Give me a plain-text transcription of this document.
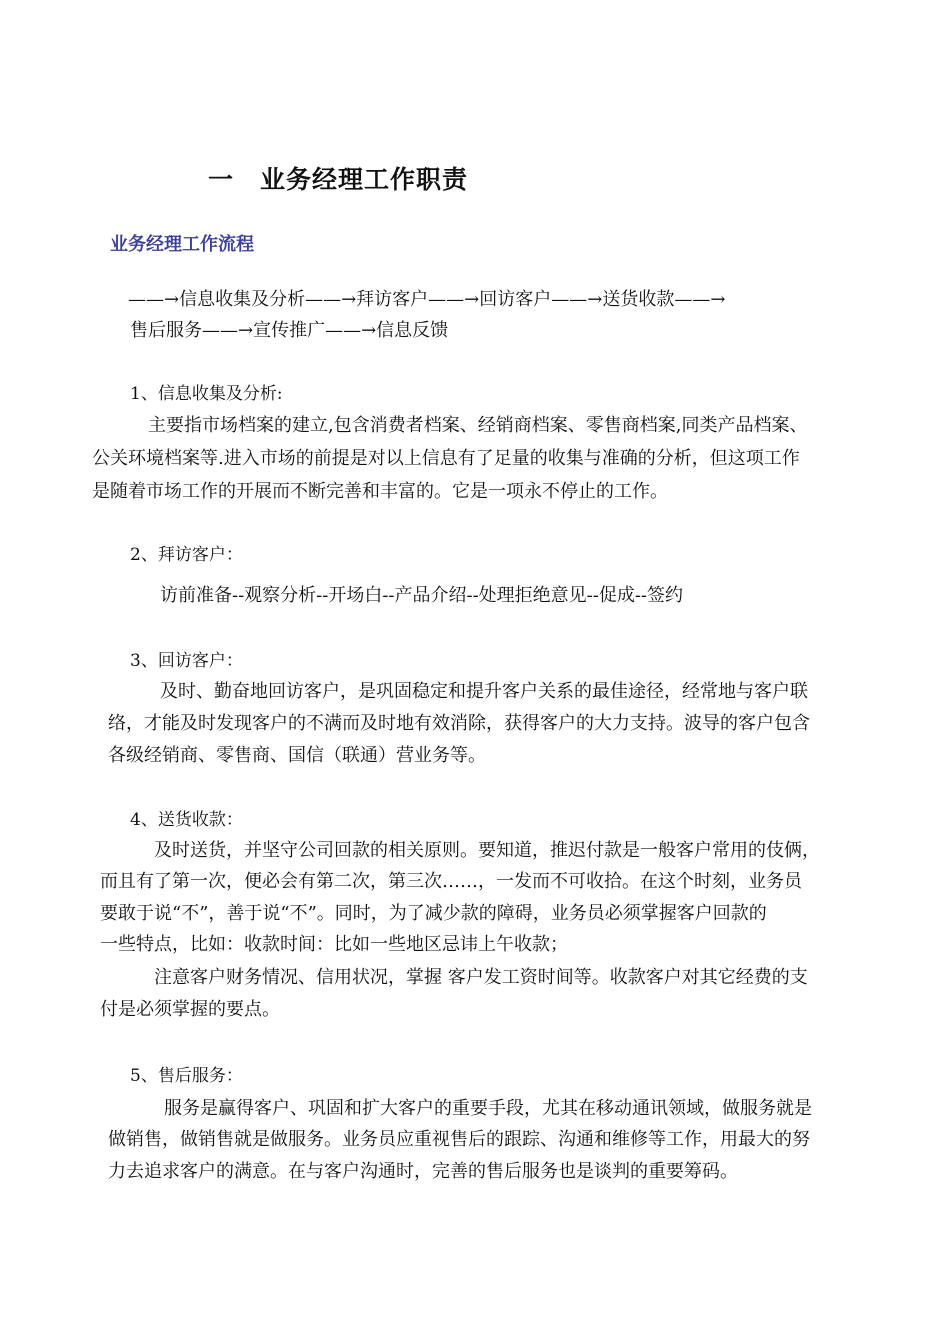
一 业务经理工作职责
业务经理工作流程
——→信息收集及分析——→拜访客户——→回访客户——→送货收款——→
售后服务——→宣传推广——→信息反馈
1、信息收集及分析:
主要指市场档案的建立,包含消费者档案、经销商档案、零售商档案,同类产品档案、
公关环境档案等.进入市场的前提是对以上信息有了足量的收集与准确的分析，但这项工作
是随着市场工作的开展而不断完善和丰富的。它是一项永不停止的工作。
2、拜访客户：
访前准备--观察分析--开场白--产品介绍--处理拒绝意见--促成--签约
3、回访客户：
及时、勤奋地回访客户，是巩固稳定和提升客户关系的最佳途径，经常地与客户联
络，才能及时发现客户的不满而及时地有效消除，获得客户的大力支持。波导的客户包含
各级经销商、零售商、国信（联通）营业务等。
4、送货收款：
及时送货，并坚守公司回款的相关原则。要知道，推迟付款是一般客户常用的伎俩，
而且有了第一次，便必会有第二次，第三次……，一发而不可收拾。在这个时刻，业务员
要敢于说“不”，善于说“不”。同时，为了减少款的障碍，业务员必须掌握客户回款的
一些特点，比如：收款时间：比如一些地区忌讳上午收款；
注意客户财务情况、信用状况，掌握 客户发工资时间等。收款客户对其它经费的支
付是必须掌握的要点。
5、售后服务：
服务是赢得客户、巩固和扩大客户的重要手段，尤其在移动通讯领域，做服务就是
做销售，做销售就是做服务。业务员应重视售后的跟踪、沟通和维修等工作，用最大的努
力去追求客户的满意。在与客户沟通时，完善的售后服务也是谈判的重要筹码。
